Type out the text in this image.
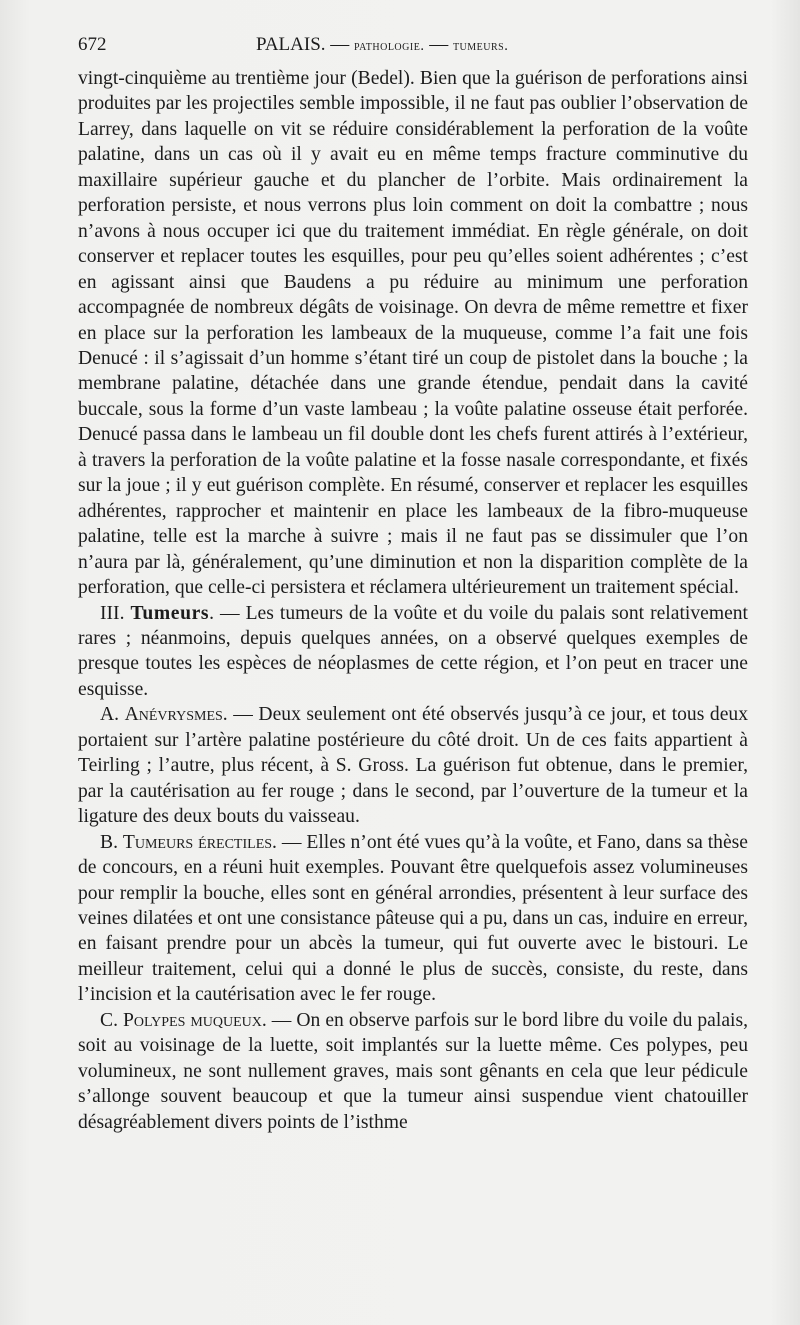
672	PALAIS. — pathologie. — tumeurs.

vingt-cinquième au trentième jour (Bedel). Bien que la guérison de perforations ainsi produites par les projectiles semble impossible, il ne faut pas oublier l’observation de Larrey, dans laquelle on vit se réduire considérablement la perforation de la voûte palatine, dans un cas où il y avait eu en même temps fracture comminutive du maxillaire supérieur gauche et du plancher de l’orbite. Mais ordinairement la perforation persiste, et nous verrons plus loin comment on doit la combattre ; nous n’avons à nous occuper ici que du traitement immédiat. En règle générale, on doit conserver et replacer toutes les esquilles, pour peu qu’elles soient adhérentes ; c’est en agissant ainsi que Baudens a pu réduire au minimum une perforation accompagnée de nombreux dégâts de voisinage. On devra de même remettre et fixer en place sur la perforation les lambeaux de la muqueuse, comme l’a fait une fois Denucé : il s’agissait d’un homme s’étant tiré un coup de pistolet dans la bouche ; la membrane palatine, détachée dans une grande étendue, pendait dans la cavité buccale, sous la forme d’un vaste lambeau ; la voûte palatine osseuse était perforée. Denucé passa dans le lambeau un fil double dont les chefs furent attirés à l’extérieur, à travers la perforation de la voûte palatine et la fosse nasale correspondante, et fixés sur la joue ; il y eut guérison complète. En résumé, conserver et replacer les esquilles adhérentes, rapprocher et maintenir en place les lambeaux de la fibro-muqueuse palatine, telle est la marche à suivre ; mais il ne faut pas se dissimuler que l’on n’aura par là, généralement, qu’une diminution et non la disparition complète de la perforation, que celle-ci persistera et réclamera ultérieurement un traitement spécial.

III. Tumeurs. — Les tumeurs de la voûte et du voile du palais sont relativement rares ; néanmoins, depuis quelques années, on a observé quelques exemples de presque toutes les espèces de néoplasmes de cette région, et l’on peut en tracer une esquisse.

A. Anévrysmes. — Deux seulement ont été observés jusqu’à ce jour, et tous deux portaient sur l’artère palatine postérieure du côté droit. Un de ces faits appartient à Teirling ; l’autre, plus récent, à S. Gross. La guérison fut obtenue, dans le premier, par la cautérisation au fer rouge ; dans le second, par l’ouverture de la tumeur et la ligature des deux bouts du vaisseau.

B. Tumeurs érectiles. — Elles n’ont été vues qu’à la voûte, et Fano, dans sa thèse de concours, en a réuni huit exemples. Pouvant être quelquefois assez volumineuses pour remplir la bouche, elles sont en général arrondies, présentent à leur surface des veines dilatées et ont une consistance pâteuse qui a pu, dans un cas, induire en erreur, en faisant prendre pour un abcès la tumeur, qui fut ouverte avec le bistouri. Le meilleur traitement, celui qui a donné le plus de succès, consiste, du reste, dans l’incision et la cautérisation avec le fer rouge.

C. Polypes muqueux. — On en observe parfois sur le bord libre du voile du palais, soit au voisinage de la luette, soit implantés sur la luette même. Ces polypes, peu volumineux, ne sont nullement graves, mais sont gênants en cela que leur pédicule s’allonge souvent beaucoup et que la tumeur ainsi suspendue vient chatouiller désagréablement divers points de l’isthme
